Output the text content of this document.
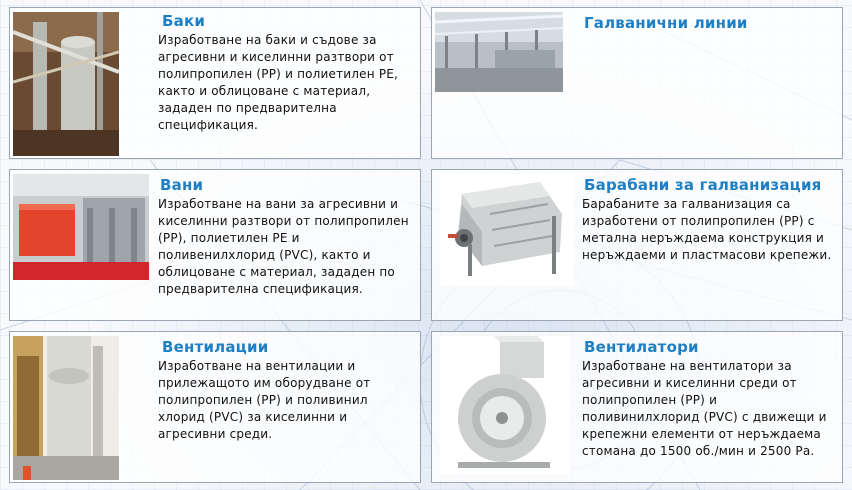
Баки
Изработване на баки и съдове за
агресивни и киселинни разтвори от
полипропилен (PP) и полиетилен PE,
както и облицоване с материал,
зададен по предварителна
спецификация.
Галванични линии
Вани
Изработване на вани за агресивни и
киселинни разтвори от полипропилен
(PP), полиетилен PE и
поливенилхлорид (PVC), както и
облицоване с материал, зададен по
предварителна спецификация.
Барабани за галванизация
Барабаните за галванизация са
изработени от полипропилен (PP) с
метална неръждаема конструкция и
неръждаеми и пластмасови крепежи.
Вентилации
Изработване на вентилации и
прилежащото им оборудване от
полипропилен (PP) и поливинил
хлорид (PVC) за киселинни и
агресивни среди.
Вентилатори
Изработване на вентилатори за
агресивни и киселинни среди от
полипропилен (PP) и
поливинилхлорид (PVC) с движещи и
крепежни елементи от неръждаема
стомана до 1500 об./мин и 2500 Ра.
